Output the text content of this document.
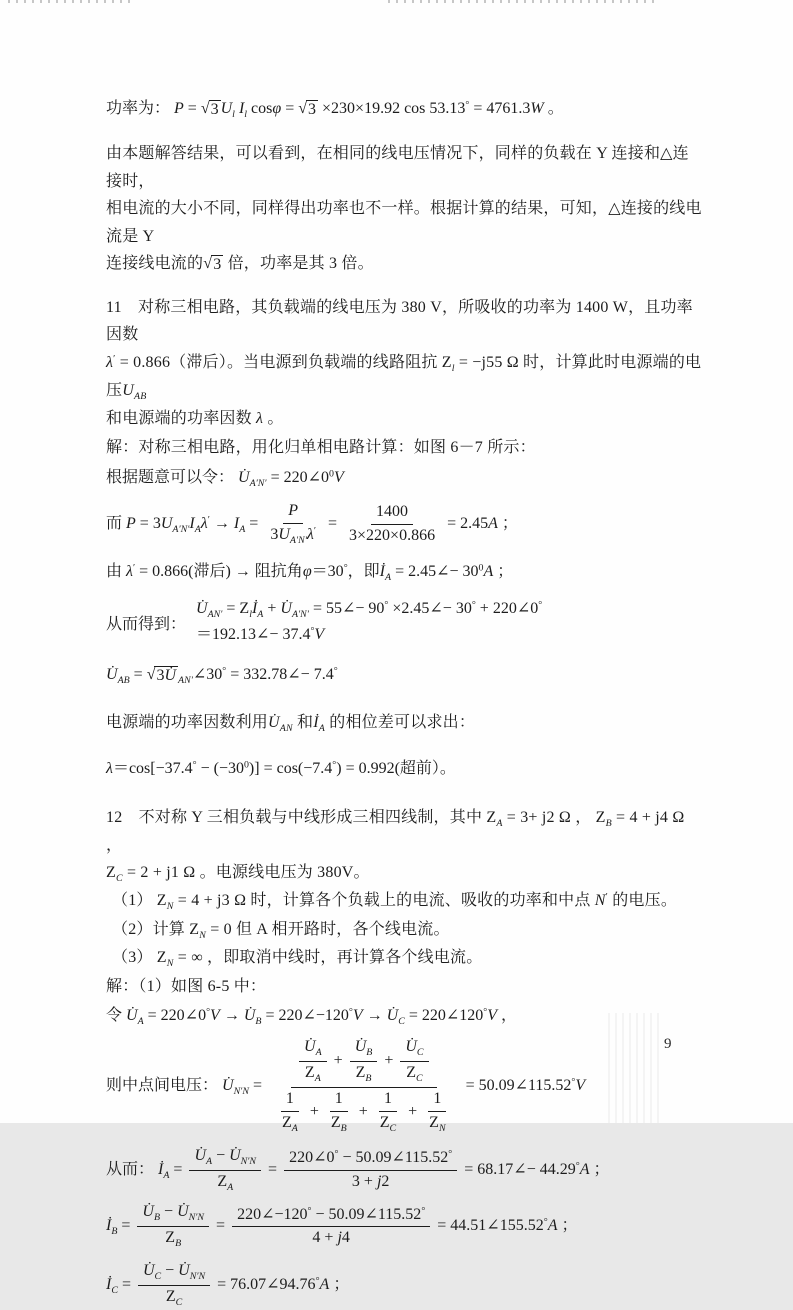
功率为： P = √ 3 $U_l$ $I_l$ cosφ = √ 3 ×230×19.92 cos 53.13° = 4761.3W 。
由本题解答结果，可以看到，在相同的线电压情况下，同样的负载在 Y 连接和△连接时，
相电流的大小不同，同样得出功率也不一样。根据计算的结果，可知，△连接的线电流是 Y
连接线电流的 √ 3 倍，功率是其 3 倍。
11　对称三相电路，其负载端的线电压为 380 V，所吸收的功率为 1400 W，且功率因数
λ′ = 0.866（滞后）。当电源到负载端的线路阻抗 $Z_l = -j55$ Ω 时，计算此时电源端的电压$U_{AB}$
和电源端的功率因数 λ 。
解：对称三相电路，用化归单相电路计算：如图 6－7 所示：
根据题意可以令： $U̇_{A'N'}$ = $220\angle 0^0V$
而 $P = 3U_{A'N'}I_A\lambda' \to I_A = \frac{P}{3U_{A'N'}\lambda'} = \frac{1400}{3\times 220\times 0.866} = 2.45A$ ；
由 λ′ = 0.866(滞后) → 阻抗角φ＝30°，即$İ_A$ = 2.45∠− $30^0A$ ；
从而得到：
$U̇_{AN'}$ = $Z_lİ_A$ + $U̇_{A'N'}$ = 55∠− 90° ×2.45∠− 30° + 220∠0°
＝192.13∠− 37.4°V
$U̇_{AB}$ = √ 3U̇ $_{AN'}$∠30° = 332.78∠− 7.4°
电源端的功率因数利用$U̇_{AN}$ 和$İ_A$ 的相位差可以求出：
$\lambda=\cos[-37.4^\circ - (-30^0)] = \cos(-7.4^\circ) = 0.992$(超前）。
12　不对称 Y 三相负载与中线形成三相四线制，其中 $Z_A = 3+ j2$ Ω ， $Z_B = 4 + j4$ Ω ，
$Z_C = 2 + j1$ Ω 。电源线电压为 380V。
（1） $Z_N = 4 + j3$ Ω 时，计算各个负载上的电流、吸收的功率和中点 N′ 的电压。
（2）计算 $Z_N = 0$ 但 A 相开路时，各个线电流。
（3） $Z_N$ = ∞ ，即取消中线时，再计算各个线电流。
解：（1）如图 6-5 中：
令 $U̇_A$ = 220∠0°V → $U̇_B$ = 220∠−120°V → $U̇_C$ = 220∠120°V ，
则中点间电压： $U̇_{N'N} = \frac{\frac{U̇_A}{Z_A} + \frac{U̇_B}{Z_B} + \frac{U̇_C}{Z_C}}{\frac{1}{Z_A} + \frac{1}{Z_B} + \frac{1}{Z_C} + \frac{1}{Z_N}}$ = 50.09∠115.52°V
从而： $İ_A = \frac{U̇_A - U̇_{N'N}}{Z_A} = \frac{220\angle 0^\circ - 50.09\angle 115.52^\circ}{3 + j2}$ = 68.17∠− 44.29°A ；
$İ_B = \frac{U̇_B - U̇_{N'N}}{Z_B} = \frac{220\angle-120^\circ - 50.09\angle 115.52^\circ}{4 + j4}$ = 44.51∠155.52°A ；
$İ_C = \frac{U̇_C - U̇_{N'N}}{Z_C}$ = 76.07∠94.76°A ；
9
